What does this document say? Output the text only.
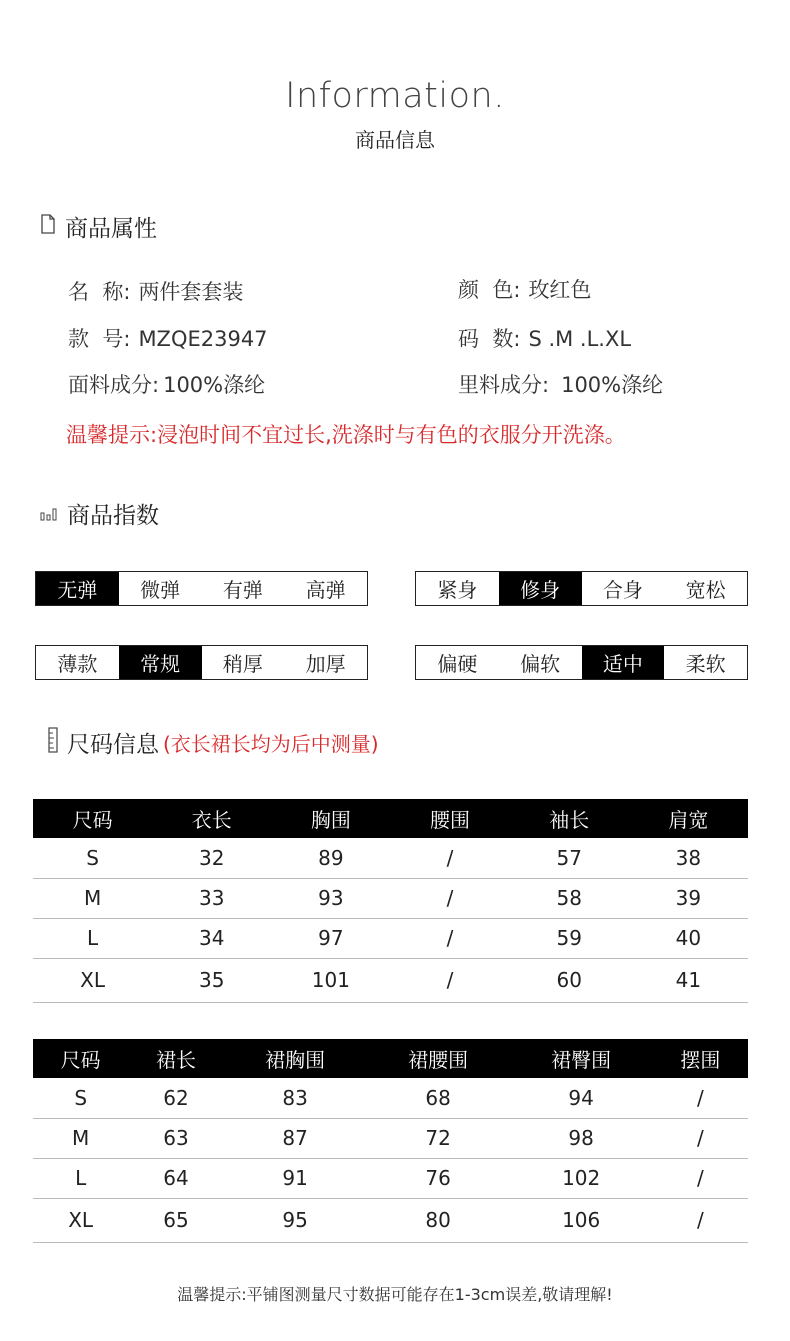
Information.
商品信息
商品属性
名  称: 两件套套装	颜  色: 玫红色
款  号: MZQE23947	码  数: S .M .L.XL
面料成分: 100%涤纶	里料成分: 100%涤纶
温馨提示:浸泡时间不宜过长,洗涤时与有色的衣服分开洗涤。
商品指数
无弹	微弹	有弹	高弹	紧身	修身	合身	宽松
薄款	常规	稍厚	加厚	偏硬	偏软	适中	柔软
尺码信息 (衣长裙长均为后中测量)
尺码	衣长	胸围	腰围	袖长	肩宽
S	32	89	/	57	38
M	33	93	/	58	39
L	34	97	/	59	40
XL	35	101	/	60	41
尺码	裙长	裙胸围	裙腰围	裙臀围	摆围
S	62	83	68	94	/
M	63	87	72	98	/
L	64	91	76	102	/
XL	65	95	80	106	/
温馨提示:平铺图测量尺寸数据可能存在1-3cm误差,敬请理解!
